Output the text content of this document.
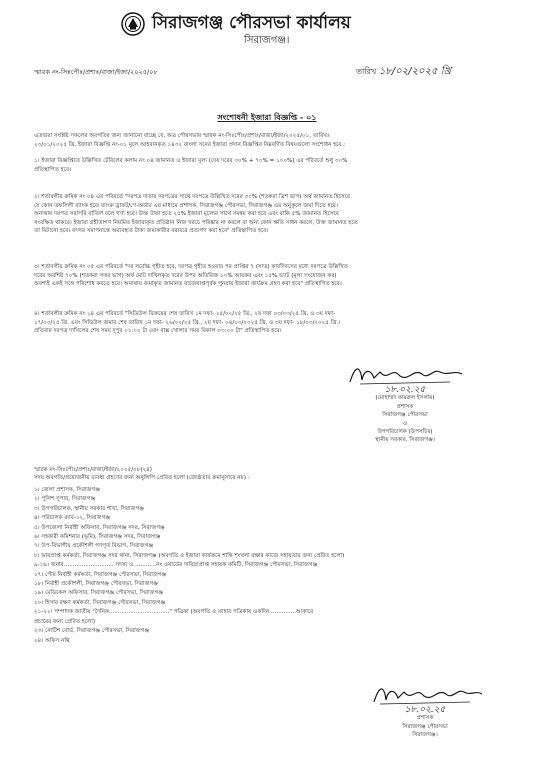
সিরাজগঞ্জ পৌরসভা কার্যালয়
সিরাজগঞ্জ।
স্মারক নং-সিঃপৌঃ/প্রশাঃ/বাজা/ইজা/২০২৫/০৮	তারিখ ১৮/০২/২০২৫ খ্রি
সংশোধনী ইজারা বিজ্ঞপ্তি - ০১
এতদ্বারা সংশ্লিষ্ট সকলের অবগতির জন্য জানানো যাচ্ছে যে, অত্র পৌরসভার স্মারক নং-সিঃপৌঃ/প্রশাঃ/বাজা/ইজা/২০২৫/০১, তারিখঃ
২৩/০১/২০২৫ খ্রি. ইজারা বিজ্ঞপ্তি নং-০১ মূলে আহবানকৃত ১৪৩২ বাংলা সনের ইজারা প্রদান বিজ্ঞপ্তির নিম্নবর্ণিত বিষয়গুলো সংশোধন হবে :
১। ইজারা বিজ্ঞপ্তিতে উল্লিখিত টেবিলের কলাম নং ০৪ জামানত ও ইজারা মূল্য (দেয় দরের ৩০% + ৭০% = ১০০%) এর পরিবর্তে শুধু ৩০%
প্রতিস্থাপিত হবে।
২। শর্তাবলীর ক্রমিক নং ০৪ এর পরিবর্তে "দরপত্র দাতার দরপত্রের সাথে দরপত্রে উল্লিখিত দরের ৩০% (শতকরা ত্রিশ ভাগ) অর্থ জামানত হিসেবে
যে কোন তফসিলী ব্যাংক হতে ব্যাংক ড্রাফট/পে-অর্ডার এর মাধ্যমে প্রশাসক, সিরাজগঞ্জ পৌরসভা, সিরাজগঞ্জ এর অনুকূলে জমা দিতে হবে।
অন্যথায় দরপত্র সরাসরি বাতিল বলে গণ্য হবে। উক্ত টাকা হতে ২৫% ইজারা মূল্যের সাথে সমন্বয় করা হবে এবং বাকি ৫% জামানত হিসেবে
সংরক্ষিত থাকবে। ইজারা গ্রহীতাগণ নিয়মিত ইজারাকৃত প্রতিষ্ঠান নিজ খরচে পরিষ্কার না করলে বা অন্য কোন ক্ষতি সাধন করলে, উক্ত জামানত হতে
তা মিটানো হবে। বৎসর সমাপনান্তে অব্যবহৃত টাকা জমাকারীর বরাবরে প্রত্যর্পণ করা হবে" প্রতিস্থাপিত হবে।
৩। শর্তাবলীর ক্রমিক নং ০৫ এর পরিবর্তে "দর সর্বোচ্চ গৃহীত হবে, দরপত্র গৃহীত হওয়ার পর প্রাপ্তির ৭ (সাত) কার্যদিবসের মধ্যে দরপত্রে উল্লিখিত
দরের অবশিষ্ট ৭০% (শতকরা সত্তর ভাগ) অর্থ মোট দাখিলকৃত দরের উপর অতিরিক্ত ১০% আয়কর এবং ১৫% ভ্যাট (মূল্য সংযোজন কর)
অবশ্যই একই সঙ্গে পরিশোধ করতে হবে। অন্যথায় জমাকৃত জামানত বাজেয়াপ্তপূর্বক পুনরায় ইজারা কার্যক্রম গ্রহণ করা হবে" প্রতিস্থাপিত হবে।
৪। শর্তাবলীর ক্রমিক নং ১৪ এর পরিবর্তে "সিডিউল বিক্রয়ের শেষ তারিখ ১ম দফা- ২৫/০২/২৫ খ্রি., ২য় দফা ০৩/০৩/২৫ খ্রি. ও ৩য় দফা-
১৭/০৩/২৫ খ্রি. এবং সিডিউল জমার শেষ তারিখ ১ম দফা- ২৬/০২/২৫ খ্রি., ২য় দফা- ০৪/০৩/২০২৫ খ্রি. ও ৩য় দফা- ১৮/০৩/২০২৫ খ্রি.।
প্রতিবার দরপত্র দাখিলের শেষ সময় দুপুর ০১:০০ টা এবং বাক্স খোলার সময় বিকাল ০৩:০০ টা" প্রতিস্থাপিত হবে।
১৮.০২.২৫
(মোহাম্মদ কামরুল ইসলাম)
প্রশাসক
সিরাজগঞ্জ পৌরসভা
ও
উপপরিচালক (উপসচিব)
স্থানীয় সরকার, সিরাজগঞ্জ।
স্মারক নং-সিঃপৌঃ/প্রশাঃ/বাজা/ইজা/২০২৫/০৮(২৪)
সদয় অবগতি/প্রয়োজনীয় ব্যবস্থা গ্রহণের জন্য অনুলিপি প্রেরিত হলো (জ্যেষ্ঠতার ক্রমানুসারে নয়) :
১। জেলা প্রশাসক, সিরাজগঞ্জ
২। পুলিশ সুপার, সিরাজগঞ্জ
৩। উপপরিচালক, স্থানীয় সরকার শাখা, সিরাজগঞ্জ
৪। পরিচালক র‍্যাব-১২, সিরাজগঞ্জ
৫। উপজেলা নির্বাহী অফিসার, সিরাজগঞ্জ সদর, সিরাজগঞ্জ
৬। সহকারী কমিশনার (ভূমি), সিরাজগঞ্জ সদর, সিরাজগঞ্জ
৭। উপ-বিভাগীয় প্রকৌশলী গণপূর্ত বিভাগ, সিরাজগঞ্জ
৮। ভারপ্রাপ্ত কর্মকর্তা, সিরাজগঞ্জ সদর থানা, সিরাজগঞ্জ (অবগতি ও ইজারা কার্যক্রমে শান্তি শৃংখলা রক্ষার কাজে সহায়তার জন্য প্রেরিত হলো)
৯-১৬। জনাব.............................সদস্য ও.............নং ওয়ার্ডের দারিদ্র্যপ্রাপ্ত সহায়ক কমিটি, সিরাজগঞ্জ পৌরসভা, সিরাজগঞ্জ
১৭। পৌর নির্বাহী কর্মকর্তা, সিরাজগঞ্জ পৌরসভা, সিরাজগঞ্জ
১৮। নির্বাহী প্রকৌশলী, সিরাজগঞ্জ পৌরসভা, সিরাজগঞ্জ
১৯। মেডিকেল অফিসার, সিরাজগঞ্জ পৌরসভা, সিরাজগঞ্জ
২০। হিসাব রক্ষণ কর্মকর্তা, সিরাজগঞ্জ পৌরসভা, সিরাজগঞ্জ
২১-২২। সম্পাদক জাতীয় "দৈনিক.................................." পত্রিকা (অবগতি ও তাহার পত্রিকায় একদিন ..............আকারে
প্রচারের জন্য প্রেরিত হলো)
২৩। নোটিশ বোর্ড, সিরাজগঞ্জ পৌরসভা, সিরাজগঞ্জ
২৪। অফিস নথি
১৮.০২.২৫
প্রশাসক
সিরাজগঞ্জ পৌরসভা
সিরাজগঞ্জ।
